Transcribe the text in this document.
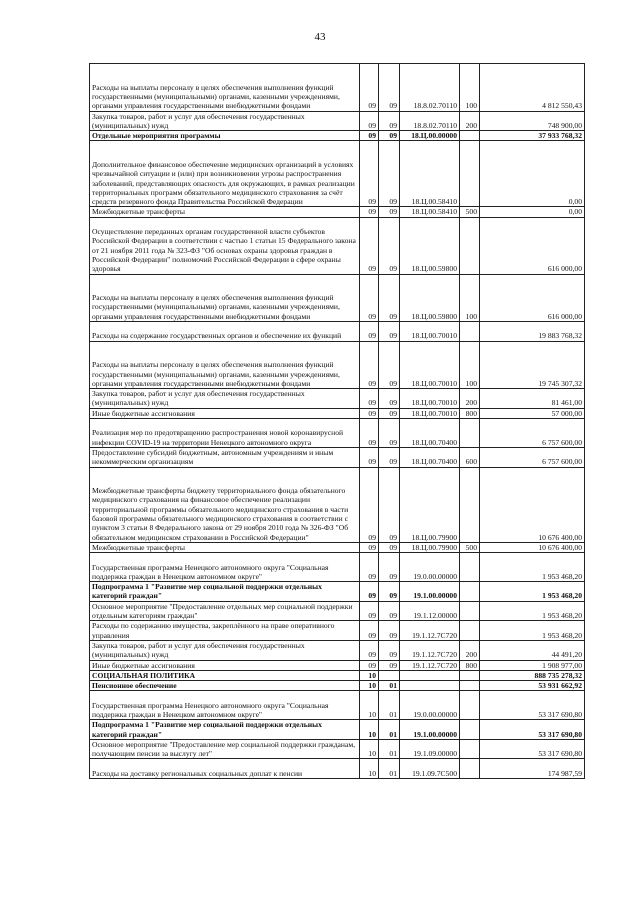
43
Расходы на выплаты персоналу в целях обеспечения выполнения функций государственными (муниципальными) органами, казенными учреждениями, органами управления государственными внебюджетными фондами	09	09	18.8.02.70110	100	4 812 550,43
Закупка товаров, работ и услуг для обеспечения государственных (муниципальных) нужд	09	09	18.8.02.70110	200	748 900,00
Отдельные мероприятия программы	09	09	18.Ц.00.00000		37 933 768,32
Дополнительное финансовое обеспечение медицинских организаций в условиях чрезвычайной ситуации и (или) при возникновении угрозы распространения заболеваний, представляющих опасность для окружающих, в рамках реализации территориальных программ обязательного медицинского страхования за счёт средств резервного фонда Правительства Российской Федерации	09	09	18.Ц.00.58410		0,00
Межбюджетные трансферты	09	09	18.Ц.00.58410	500	0,00
Осуществление переданных органам государственной власти субъектов Российской Федерации в соответствии с частью 1 статьи 15 Федерального закона от 21 ноября 2011 года № 323-ФЗ "Об основах охраны здоровья граждан в Российской Федерации" полномочий Российской Федерации в сфере охраны здоровья	09	09	18.Ц.00.59800		616 000,00
Расходы на выплаты персоналу в целях обеспечения выполнения функций государственными (муниципальными) органами, казенными учреждениями, органами управления государственными внебюджетными фондами	09	09	18.Ц.00.59800	100	616 000,00
Расходы на содержание государственных органов и обеспечение их функций	09	09	18.Ц.00.70010		19 883 768,32
Расходы на выплаты персоналу в целях обеспечения выполнения функций государственными (муниципальными) органами, казенными учреждениями, органами управления государственными внебюджетными фондами	09	09	18.Ц.00.70010	100	19 745 307,32
Закупка товаров, работ и услуг для обеспечения государственных (муниципальных) нужд	09	09	18.Ц.00.70010	200	81 461,00
Иные бюджетные ассигнования	09	09	18.Ц.00.70010	800	57 000,00
Реализация мер по предотвращению распространения новой коронавирусной инфекции COVID-19 на территории Ненецкого автономного округа	09	09	18.Ц.00.70400		6 757 600,00
Предоставление субсидий бюджетным, автономным учреждениям и иным некоммерческим организациям	09	09	18.Ц.00.70400	600	6 757 600,00
Межбюджетные трансферты бюджету территориального фонда обязательного медицинского страхования на финансовое обеспечение реализации территориальной программы обязательного медицинского страхования в части базовой программы обязательного медицинского страхования в соответствии с пунктом 3 статьи 8 Федерального закона от 29 ноября 2010 года № 326-ФЗ "Об обязательном медицинском страховании в Российской Федерации"	09	09	18.Ц.00.79900		10 676 400,00
Межбюджетные трансферты	09	09	18.Ц.00.79900	500	10 676 400,00
Государственная программа Ненецкого автономного округа "Социальная поддержка граждан в Ненецком автономном округе"	09	09	19.0.00.00000		1 953 468,20
Подпрограмма 1 "Развитие мер социальной поддержки отдельных категорий граждан"	09	09	19.1.00.00000		1 953 468,20
Основное мероприятие "Предоставление отдельных мер социальной поддержки отдельным категориям граждан"	09	09	19.1.12.00000		1 953 468,20
Расходы по содержанию имущества, закреплённого на праве оперативного управления	09	09	19.1.12.7С720		1 953 468,20
Закупка товаров, работ и услуг для обеспечения государственных (муниципальных) нужд	09	09	19.1.12.7С720	200	44 491,20
Иные бюджетные ассигнования	09	09	19.1.12.7С720	800	1 908 977,00
СОЦИАЛЬНАЯ ПОЛИТИКА	10				888 735 278,32
Пенсионное обеспечение	10	01			53 931 662,92
Государственная программа Ненецкого автономного округа "Социальная поддержка граждан в Ненецком автономном округе"	10	01	19.0.00.00000		53 317 690,80
Подпрограмма 1 "Развитие мер социальной поддержки отдельных категорий граждан"	10	01	19.1.00.00000		53 317 690,80
Основное мероприятие "Предоставление мер социальной поддержки гражданам, получающим пенсии за выслугу лет"	10	01	19.1.09.00000		53 317 690,80
Расходы на доставку региональных социальных доплат к пенсии	10	01	19.1.09.7С500		174 987,59
